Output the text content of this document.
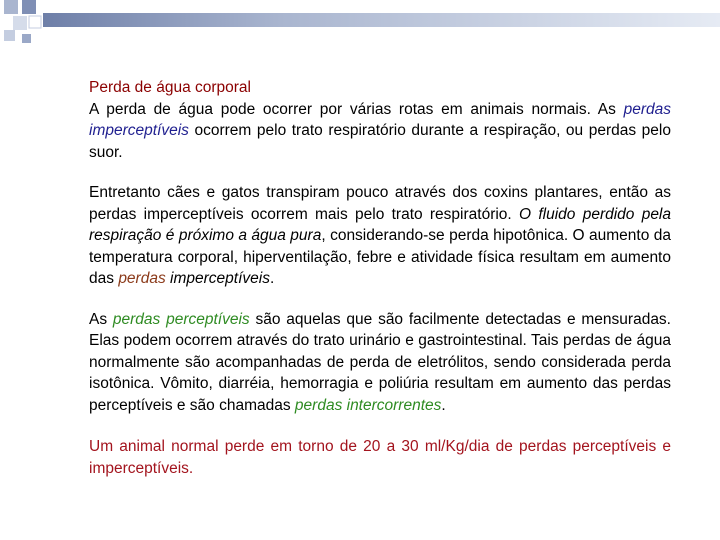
Perda de água corporal
A perda de água pode ocorrer por várias rotas em animais normais. As perdas imperceptíveis ocorrem pelo trato respiratório durante a respiração, ou perdas pelo suor.

Entretanto cães e gatos transpiram pouco através dos coxins plantares, então as perdas imperceptíveis ocorrem mais pelo trato respiratório. O fluido perdido pela respiração é próximo a água pura, considerando-se perda hipotônica. O aumento da temperatura corporal, hiperventilação, febre e atividade física resultam em aumento das perdas imperceptíveis.

As perdas perceptíveis são aquelas que são facilmente detectadas e mensuradas. Elas podem ocorrem através do trato urinário e gastrointestinal. Tais perdas de água normalmente são acompanhadas de perda de eletrólitos, sendo considerada perda isotônica. Vômito, diarréia, hemorragia e poliúria resultam em aumento das perdas perceptíveis e são chamadas perdas intercorrentes.

Um animal normal perde em torno de 20 a 30 ml/Kg/dia de perdas perceptíveis e imperceptíveis.
